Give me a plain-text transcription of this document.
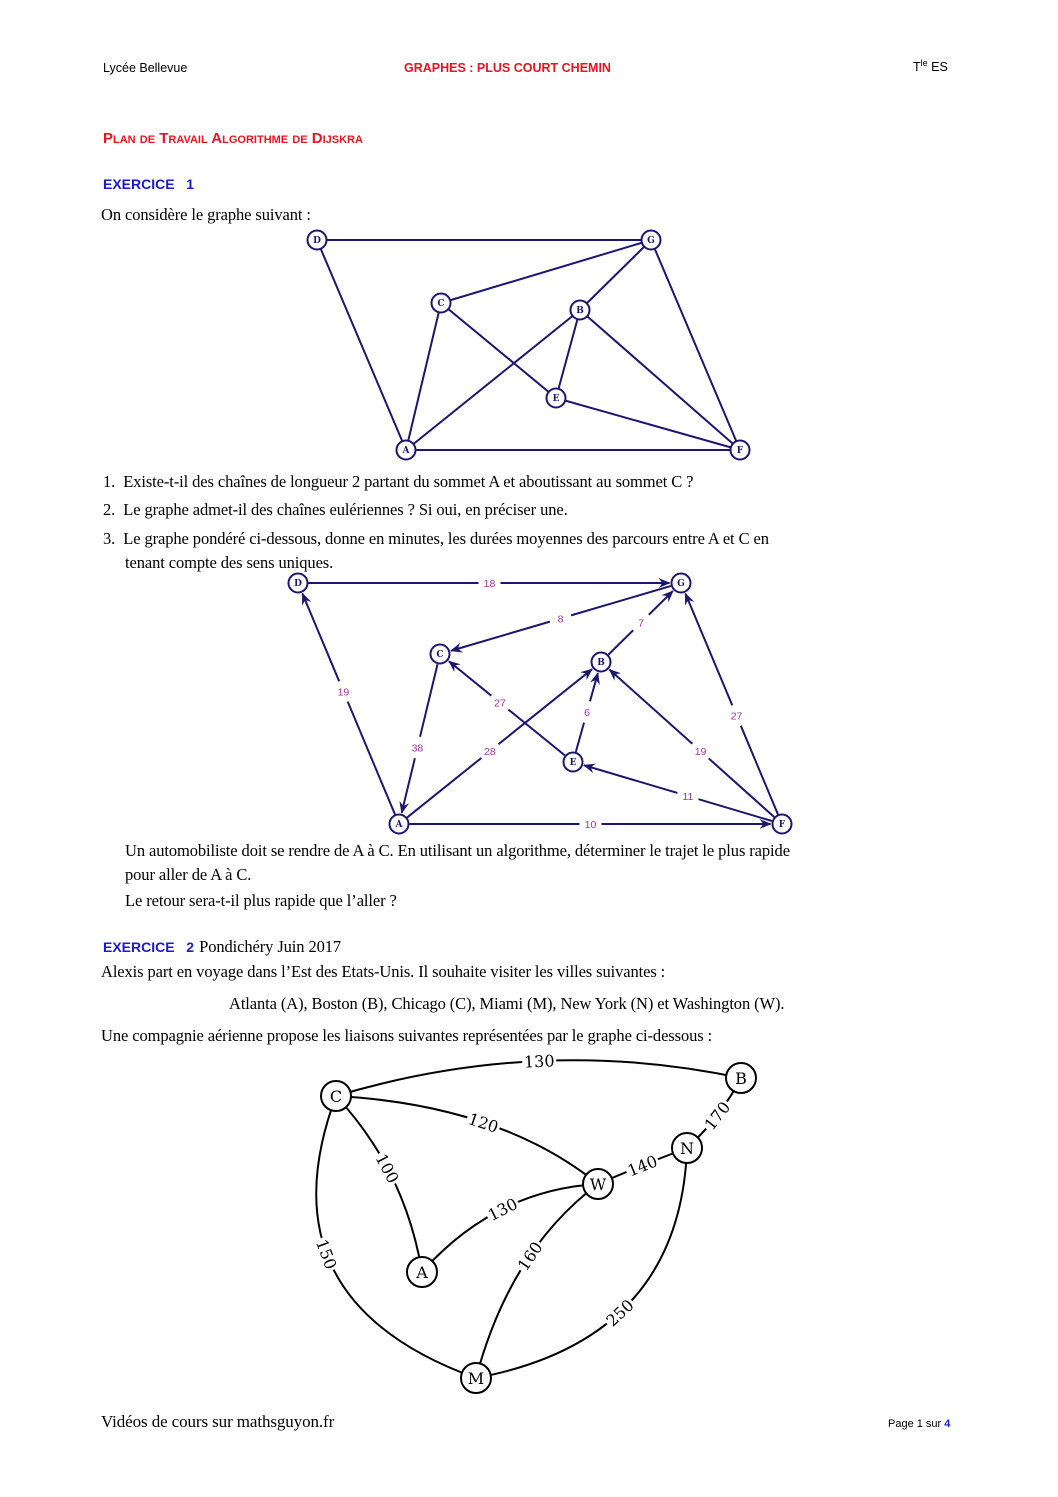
Lycée Bellevue	GRAPHES : PLUS COURT CHEMIN	$T^{le}$ ES
Plan de Travail Algorithme de Dijskra
EXERCICE 1
On considère le graphe suivant :
D	G
C
B
E
A	F
18
8	7
19
38
27
28
6
19
27
11
10
D	G
C
B
E
A	F
130
120
100
150
130
140
170
160
250
C
B
N
W
A
M
1. Existe-t-il des chaînes de longueur 2 partant du sommet A et aboutissant au sommet C ?
2. Le graphe admet-il des chaînes eulériennes ? Si oui, en préciser une.
3. Le graphe pondéré ci-dessous, donne en minutes, les durées moyennes des parcours entre A et C en
tenant compte des sens uniques.
Un automobiliste doit se rendre de A à C. En utilisant un algorithme, déterminer le trajet le plus rapide
pour aller de A à C.
Le retour sera-t-il plus rapide que l’aller ?
EXERCICE 2 Pondichéry Juin 2017
Alexis part en voyage dans l’Est des Etats-Unis. Il souhaite visiter les villes suivantes :
Atlanta (A), Boston (B), Chicago (C), Miami (M), New York (N) et Washington (W).
Une compagnie aérienne propose les liaisons suivantes représentées par le graphe ci-dessous :
Vidéos de cours sur mathsguyon.fr	Page 1 sur 4
